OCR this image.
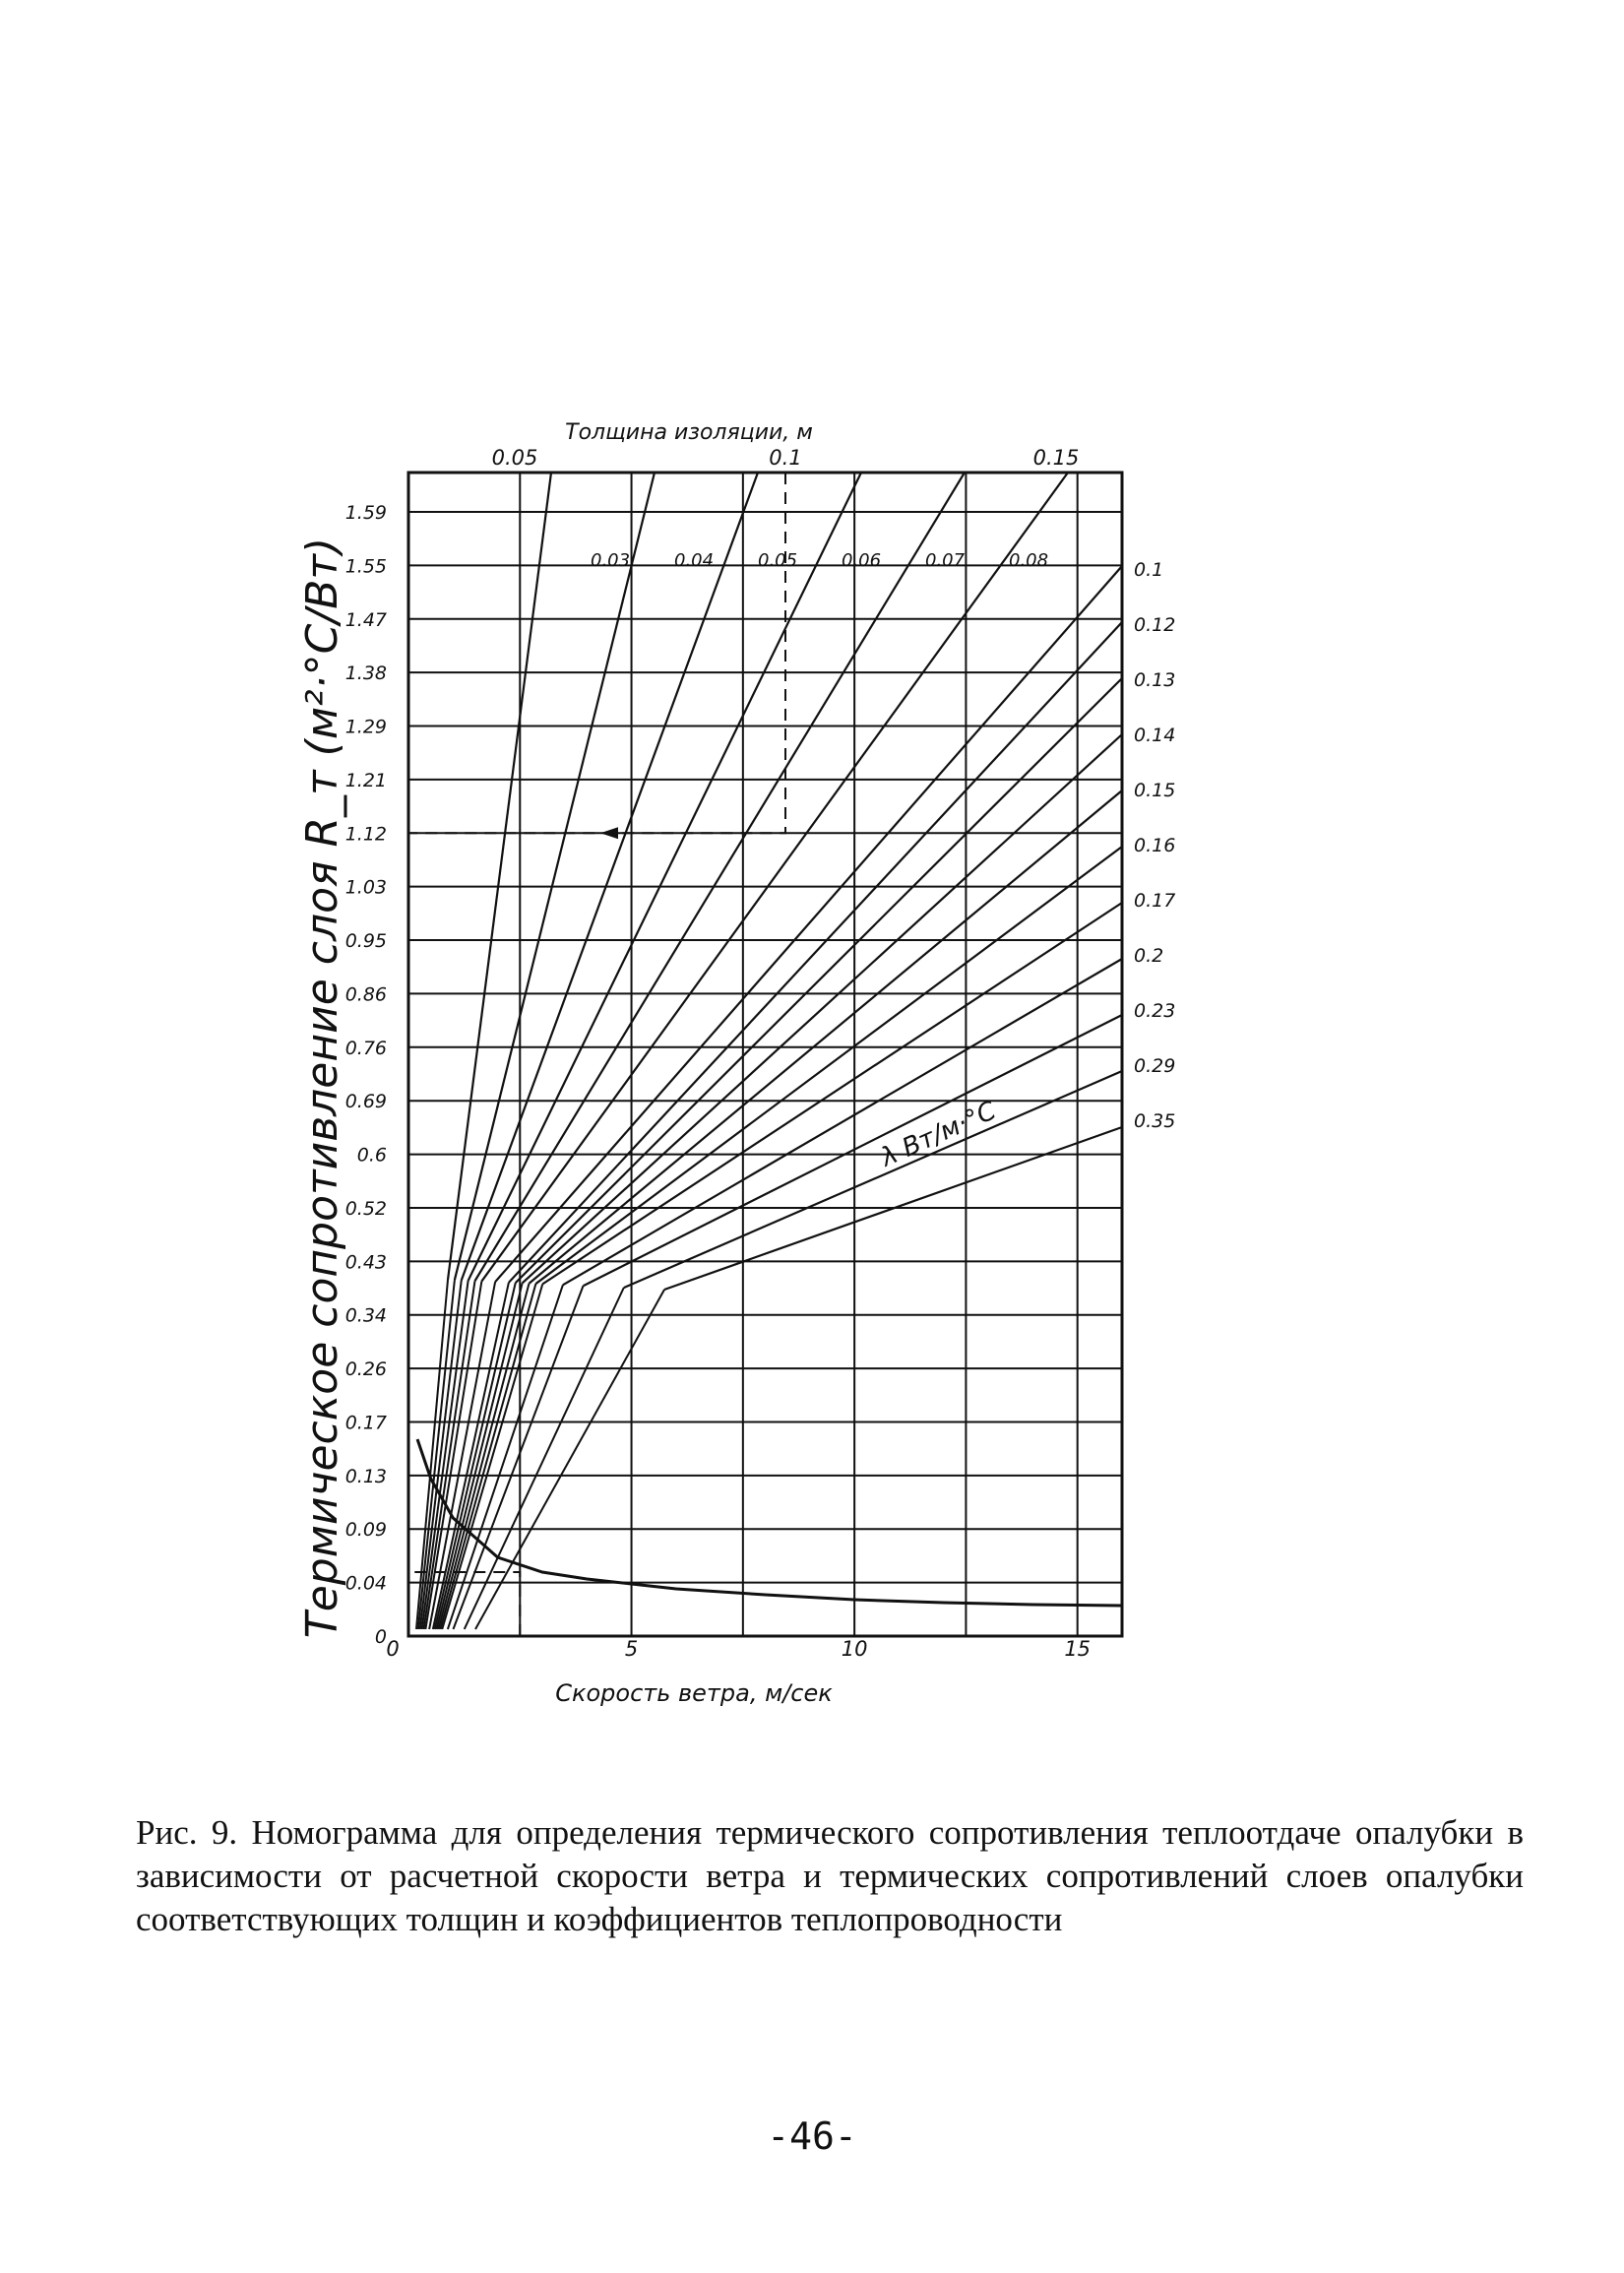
Толщина изоляции, м
Скорость ветра, м/сек
Термическое сопротивление слоя R_т (м²·°С/Вт)	λ Вт/м·°С
1.59
1.55
1.47
1.38
1.29
1.21
1.12
1.03
0.95
0.86
0.76
0.69
0.6
0.52
0.43
0.34
0.26
0.17
0.13
0.09
0.04
0 0	5	10	15
0.05	0.1	0.15
0.03 0.04 0.05 0.06 0.07 0.08	0.1
0.12
0.13
0.14
0.15
0.16
0.17
0.2
0.23
0.29
0.35
Рис. 9. Номограмма для определения термического сопротивления теплоотдаче опалубки в зависимости от расчетной скорости ветра и термических сопротивлений слоев опалубки соответствующих толщин и коэффициентов теплопроводности
-46-
